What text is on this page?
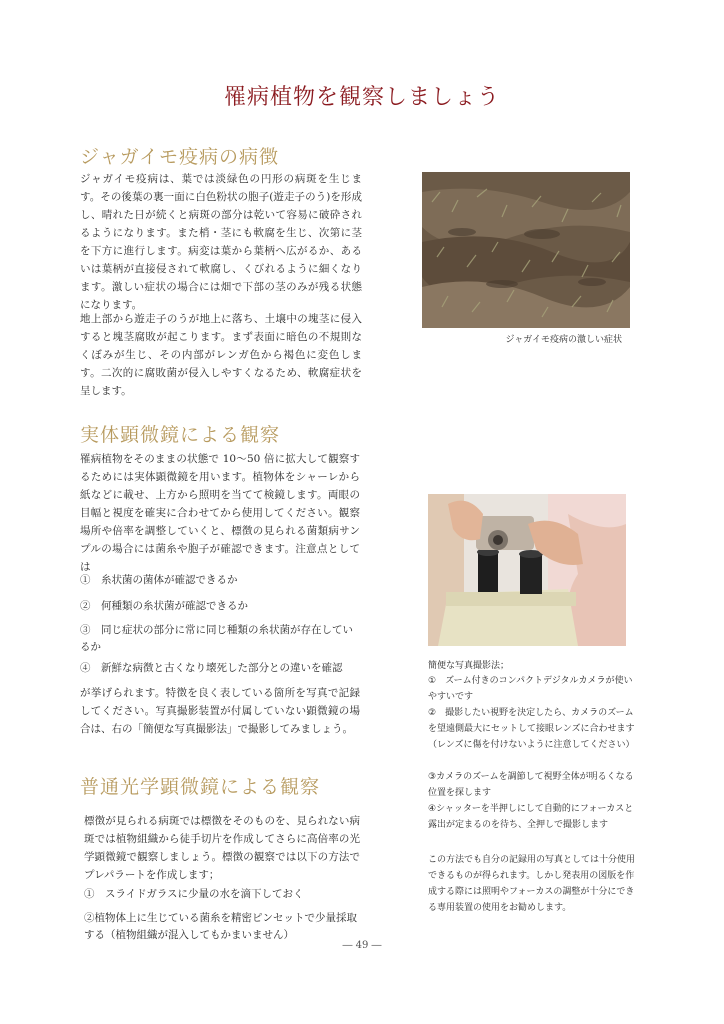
罹病植物を観察しましょう
ジャガイモ疫病の病徴
ジャガイモ疫病は、葉では淡緑色の円形の病斑を生じます。その後葉の裏一面に白色粉状の胞子(遊走子のう)を形成し、晴れた日が続くと病斑の部分は乾いて容易に破砕されるようになります。また梢・茎にも軟腐を生じ、次第に茎を下方に進行します。病変は葉から葉柄へ広がるか、あるいは葉柄が直接侵されて軟腐し、くびれるように細くなります。激しい症状の場合には畑で下部の茎のみが残る状態になります。
地上部から遊走子のうが地上に落ち、土壌中の塊茎に侵入すると塊茎腐敗が起こります。まず表面に暗色の不規則なくぼみが生じ、その内部がレンガ色から褐色に変色します。二次的に腐敗菌が侵入しやすくなるため、軟腐症状を呈します。
ジャガイモ疫病の激しい症状
実体顕微鏡による観察
罹病植物をそのままの状態で 10～50 倍に拡大して観察するためには実体顕微鏡を用います。植物体をシャーレから紙などに載せ、上方から照明を当てて検鏡します。両眼の目幅と視度を確実に合わせてから使用してください。観察場所や倍率を調整していくと、標徴の見られる菌類病サンプルの場合には菌糸や胞子が確認できます。注意点としては
①　糸状菌の菌体が確認できるか
②　何種類の糸状菌が確認できるか
③　同じ症状の部分に常に同じ種類の糸状菌が存在しているか
④　新鮮な病徴と古くなり壊死した部分との違いを確認
が挙げられます。特徴を良く表している箇所を写真で記録してください。写真撮影装置が付属していない顕微鏡の場合は、右の「簡便な写真撮影法」で撮影してみましょう。
簡便な写真撮影法；
①　ズーム付きのコンパクトデジタルカメラが使いやすいです
②　撮影したい視野を決定したら、カメラのズームを望遠側最大にセットして接眼レンズに合わせます（レンズに傷を付けないように注意してください）
③カメラのズームを調節して視野全体が明るくなる位置を探します
④シャッターを半押しにして自動的にフォーカスと露出が定まるのを待ち、全押しで撮影します
この方法でも自分の記録用の写真としては十分使用できるものが得られます。しかし発表用の図版を作成する際には照明やフォーカスの調整が十分にできる専用装置の使用をお勧めします。
普通光学顕微鏡による観察
標徴が見られる病斑では標徴をそのものを、見られない病斑では植物組織から徒手切片を作成してさらに高倍率の光学顕微鏡で観察しましょう。標徴の観察では以下の方法でプレパラートを作成します；
①　スライドガラスに少量の水を滴下しておく
②植物体上に生じている菌糸を精密ピンセットで少量採取する（植物組織が混入してもかまいません）
― 49 ―
